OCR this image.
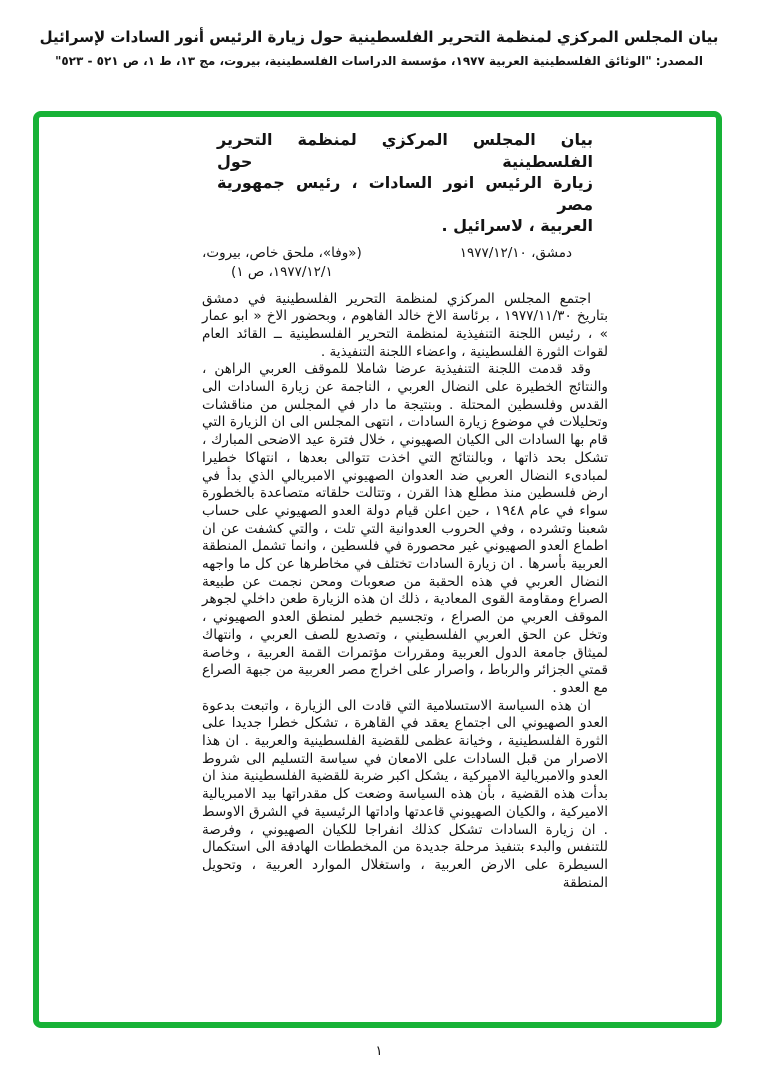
بيان المجلس المركزي لمنظمة التحرير الفلسطينية حول زيارة الرئيس أنور السادات لإسرائيل
المصدر: "الوثائق الفلسطينية العربية ١٩٧٧، مؤسسة الدراسات الفلسطينية، بيروت، مج ١٣، ط ١، ص ٥٢١ - ٥٢٣"
بيان المجلس المركزي لمنظمة التحرير الفلسطينية حول
زيارة الرئيس انور السادات ، رئيس جمهورية مصر
العربية ، لاسرائيل .
دمشق، ١٩٧٧/١٢/١٠
(«وفا»، ملحق خاص، بيروت،
١٩٧٧/١٢/١، ص ١)
اجتمع المجلس المركزي لمنظمة التحرير الفلسطينية في دمشق بتاريخ ١٩٧٧/١١/٣٠ ، برئاسة الاخ خالد الفاهوم ، وبحضور الاخ « ابو عمار » ، رئيس اللجنة التنفيذية لمنظمة التحرير الفلسطينية ــ القائد العام لقوات الثورة الفلسطينية ، واعضاء اللجنة التنفيذية .
وقد قدمت اللجنة التنفيذية عرضا شاملا للموقف العربي الراهن ، والنتائج الخطيرة على النضال العربي ، الناجمة عن زيارة السادات الى القدس وفلسطين المحتلة . وبنتيجة ما دار في المجلس من مناقشات وتحليلات في موضوع زيارة السادات ، انتهى المجلس الى ان الزيارة التي قام بها السادات الى الكيان الصهيوني ، خلال فترة عيد الاضحى المبارك ، تشكل بحد ذاتها ، وبالنتائج التي اخذت تتوالى بعدها ، انتهاكا خطيرا لمبادىء النضال العربي ضد العدوان الصهيوني الامبريالي الذي بدأ في ارض فلسطين منذ مطلع هذا القرن ، وتتالت حلقاته متصاعدة بالخطورة سواء في عام ١٩٤٨ ، حين اعلن قيام دولة العدو الصهيوني على حساب شعبنا وتشرده ، وفي الحروب العدوانية التي تلت ، والتي كشفت عن ان اطماع العدو الصهيوني غير محصورة في فلسطين ، وانما تشمل المنطقة العربية بأسرها . ان زيارة السادات تختلف في مخاطرها عن كل ما واجهه النضال العربي في هذه الحقبة من صعوبات ومحن نجمت عن طبيعة الصراع ومقاومة القوى المعادية ، ذلك ان هذه الزيارة طعن داخلي لجوهر الموقف العربي من الصراع ، وتجسيم خطير لمنطق العدو الصهيوني ، وتخل عن الحق العربي الفلسطيني ، وتصديع للصف العربي ، وانتهاك لميثاق جامعة الدول العربية ومقررات مؤتمرات القمة العربية ، وخاصة قمتي الجزائر والرباط ، واصرار على اخراج مصر العربية من جبهة الصراع مع العدو .
ان هذه السياسة الاستسلامية التي قادت الى الزيارة ، واتبعت بدعوة العدو الصهيوني الى اجتماع يعقد في القاهرة ، تشكل خطرا جديدا على الثورة الفلسطينية ، وخيانة عظمى للقضية الفلسطينية والعربية . ان هذا الاصرار من قبل السادات على الامعان في سياسة التسليم الى شروط العدو والامبريالية الاميركية ، يشكل اكبر ضربة للقضية الفلسطينية منذ ان بدأت هذه القضية ، بأن هذه السياسة وضعت كل مقدراتها بيد الامبريالية الاميركية ، والكيان الصهيوني قاعدتها واداتها الرئيسية في الشرق الاوسط . ان زيارة السادات تشكل كذلك انفراجا للكيان الصهيوني ، وفرصة للتنفس والبدء بتنفيذ مرحلة جديدة من المخططات الهادفة الى استكمال السيطرة على الارض العربية ، واستغلال الموارد العربية ، وتحويل المنطقة
١
